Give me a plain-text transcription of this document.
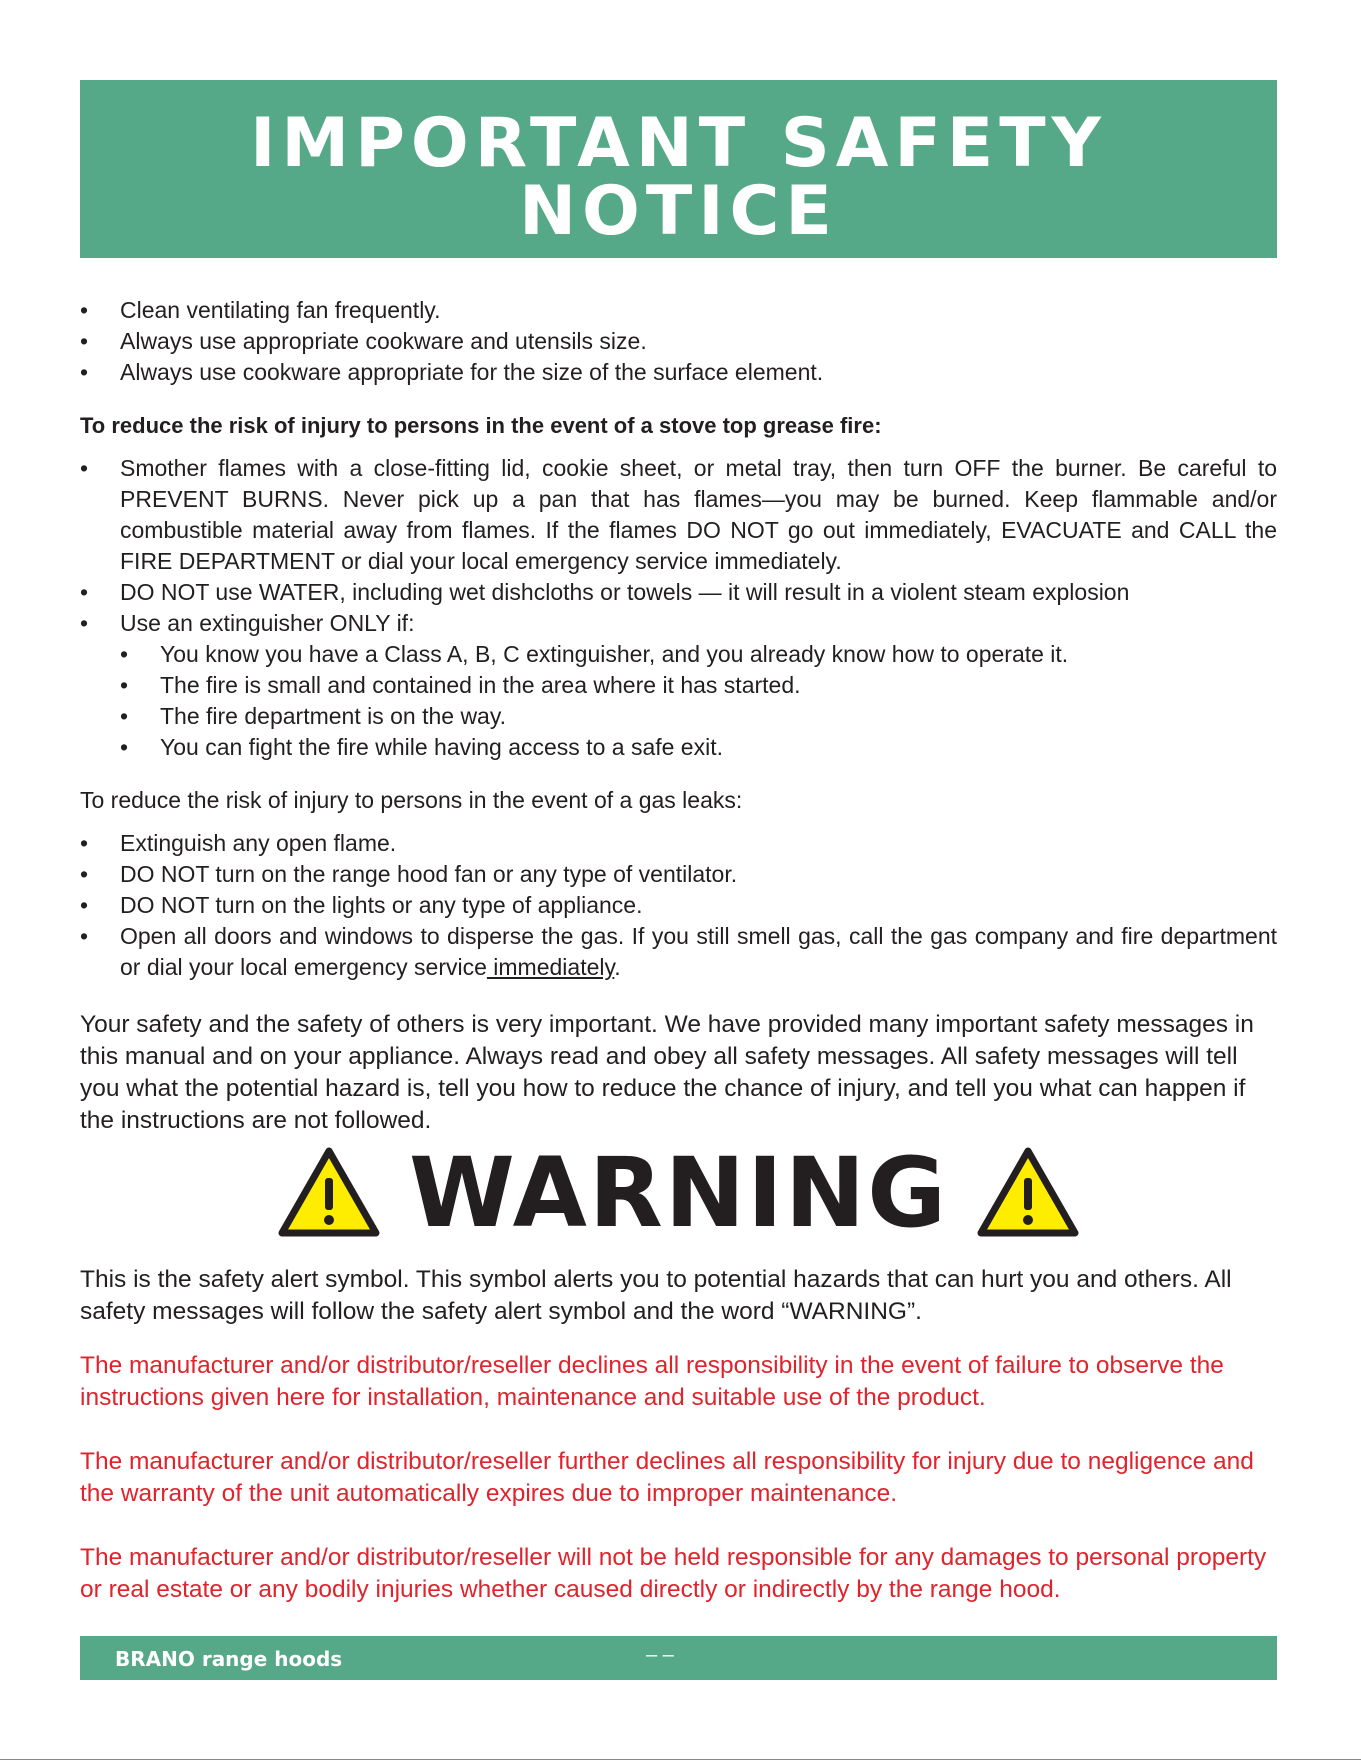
IMPORTANT SAFETY NOTICE
• Clean ventilating fan frequently.
• Always use appropriate cookware and utensils size.
• Always use cookware appropriate for the size of the surface element.

To reduce the risk of injury to persons in the event of a stove top grease fire:

• Smother flames with a close-fitting lid, cookie sheet, or metal tray, then turn OFF the burner. Be careful to PREVENT BURNS. Never pick up a pan that has flames—you may be burned. Keep flammable and/or combustible material away from flames. If the flames DO NOT go out immediately, EVACUATE and CALL the FIRE DEPARTMENT or dial your local emergency service immediately.
• DO NOT use WATER, including wet dishcloths or towels — it will result in a violent steam explosion
• Use an extinguisher ONLY if:
• You know you have a Class A, B, C extinguisher, and you already know how to operate it.
• The fire is small and contained in the area where it has started.
• The fire department is on the way.
• You can fight the fire while having access to a safe exit.

To reduce the risk of injury to persons in the event of a gas leaks:

• Extinguish any open flame.
• DO NOT turn on the range hood fan or any type of ventilator.
• DO NOT turn on the lights or any type of appliance.
• Open all doors and windows to disperse the gas. If you still smell gas, call the gas company and fire department or dial your local emergency service immediately.

Your safety and the safety of others is very important. We have provided many important safety messages in this manual and on your appliance. Always read and obey all safety messages. All safety messages will tell you what the potential hazard is, tell you how to reduce the chance of injury, and tell you what can happen if the instructions are not followed.

WARNING

This is the safety alert symbol. This symbol alerts you to potential hazards that can hurt you and others. All safety messages will follow the safety alert symbol and the word “WARNING”.

The manufacturer and/or distributor/reseller declines all responsibility in the event of failure to observe the instructions given here for installation, maintenance and suitable use of the product.

The manufacturer and/or distributor/reseller further declines all responsibility for injury due to negligence and the warranty of the unit automatically expires due to improper maintenance.

The manufacturer and/or distributor/reseller will not be held responsible for any damages to personal property or real estate or any bodily injuries whether caused directly or indirectly by the range hood.

BRANO range hoods	– –
